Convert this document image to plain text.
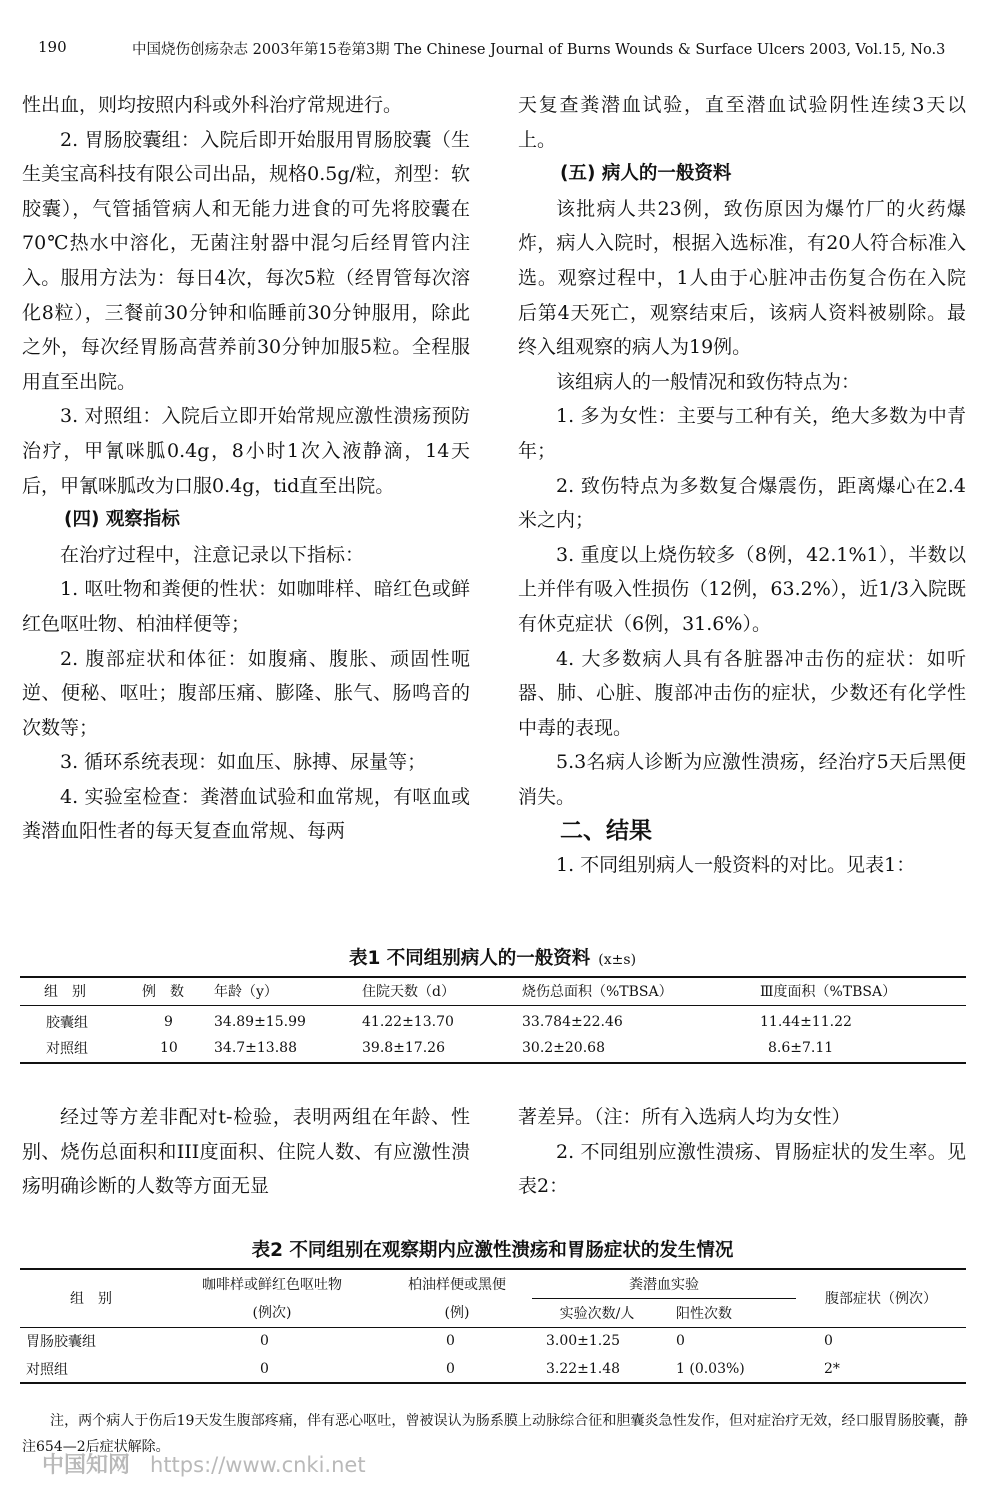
190	中国烧伤创疡杂志 2003年第15卷第3期 The Chinese Journal of Burns Wounds & Surface Ulcers 2003, Vol.15, No.3

性出血，则均按照内科或外科治疗常规进行。

2. 胃肠胶囊组：入院后即开始服用胃肠胶囊（生生美宝高科技有限公司出品，规格0.5g/粒，剂型：软胶囊），气管插管病人和无能力进食的可先将胶囊在70℃热水中溶化，无菌注射器中混匀后经胃管内注入。服用方法为：每日4次，每次5粒（经胃管每次溶化8粒），三餐前30分钟和临睡前30分钟服用，除此之外，每次经胃肠高营养前30分钟加服5粒。全程服用直至出院。

3. 对照组：入院后立即开始常规应激性溃疡预防治疗，甲氰咪胍0.4g，8小时1次入液静滴，14天后，甲氰咪胍改为口服0.4g，tid直至出院。

(四) 观察指标

在治疗过程中，注意记录以下指标：

1. 呕吐物和粪便的性状：如咖啡样、暗红色或鲜红色呕吐物、柏油样便等；

2. 腹部症状和体征：如腹痛、腹胀、顽固性呃逆、便秘、呕吐；腹部压痛、膨隆、胀气、肠鸣音的次数等；

3. 循环系统表现：如血压、脉搏、尿量等；

4. 实验室检查：粪潜血试验和血常规，有呕血或粪潜血阳性者的每天复查血常规、每两

天复查粪潜血试验，直至潜血试验阴性连续3天以上。

(五) 病人的一般资料

该批病人共23例，致伤原因为爆竹厂的火药爆炸，病人入院时，根据入选标准，有20人符合标准入选。观察过程中，1人由于心脏冲击伤复合伤在入院后第4天死亡，观察结束后，该病人资料被剔除。最终入组观察的病人为19例。

该组病人的一般情况和致伤特点为：

1. 多为女性：主要与工种有关，绝大多数为中青年；

2. 致伤特点为多数复合爆震伤，距离爆心在2.4米之内；

3. 重度以上烧伤较多（8例，42.1%1），半数以上并伴有吸入性损伤（12例，63.2%），近1/3入院既有休克症状（6例，31.6%）。

4. 大多数病人具有各脏器冲击伤的症状：如听器、肺、心脏、腹部冲击伤的症状，少数还有化学性中毒的表现。

5.3名病人诊断为应激性溃疡，经治疗5天后黑便消失。

二、结果

1. 不同组别病人一般资料的对比。见表1：

表1 不同组别病人的一般资料 (x±s)
组　别	例　数	年龄（y）	住院天数（d）	烧伤总面积（%TBSA）	Ⅲ度面积（%TBSA）
胶囊组	9	34.89±15.99	41.22±13.70	33.784±22.46	11.44±11.22
对照组	10	34.7±13.88	39.8±17.26	30.2±20.68	8.6±7.11

经过等方差非配对t-检验，表明两组在年龄、性别、烧伤总面积和III度面积、住院人数、有应激性溃疡明确诊断的人数等方面无显

著差异。（注：所有入选病人均为女性）

2. 不同组别应激性溃疡、胃肠症状的发生率。见表2：

表2 不同组别在观察期内应激性溃疡和胃肠症状的发生情况
组　别	咖啡样或鲜红色呕吐物	柏油样便或黑便	粪潜血实验		腹部症状（例次）
	(例次)	(例)	实验次数/人	阳性次数	
胃肠胶囊组	0	0	3.00±1.25	0	0
对照组	0	0	3.22±1.48	1 (0.03%)	2*

注，两个病人于伤后19天发生腹部疼痛，伴有恶心呕吐，曾被误认为肠系膜上动脉综合征和胆囊炎急性发作，但对症治疗无效，经口服胃肠胶囊，静注654—2后症状解除。

中国知网 https://www.cnki.net
